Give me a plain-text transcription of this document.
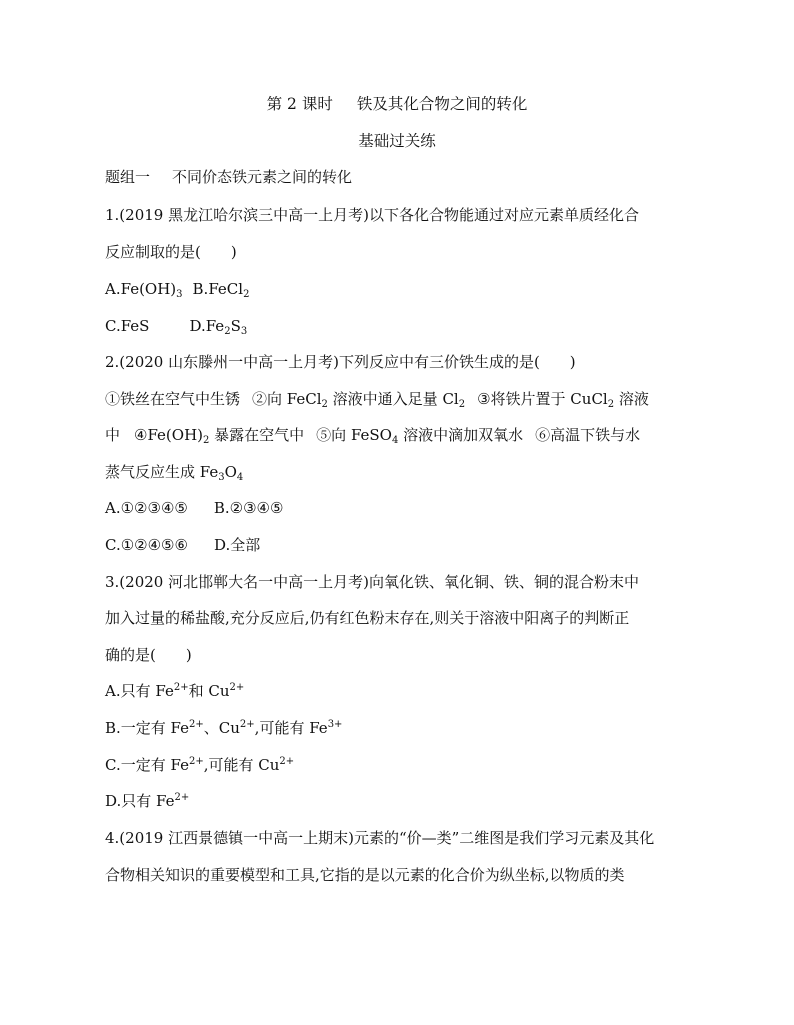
第 2 课时 铁及其化合物之间的转化
基础过关练
题组一 不同价态铁元素之间的转化
1.(2019 黑龙江哈尔滨三中高一上月考)以下各化合物能通过对应元素单质经化合
反应制取的是(　　)
$A.Fe(OH)_3$ B.FeCl$_2$
C.FeS	$D.Fe_2S_3$
2.(2020 山东滕州一中高一上月考)下列反应中有三价铁生成的是(　　)
①铁丝在空气中生锈 ②向 FeCl$_2$ 溶液中通入足量 $Cl_2$ ③将铁片置于 CuCl$_2$ 溶液
中 $④Fe(OH)_2$ 暴露在空气中 ⑤向 FeSO$_4$ 溶液中滴加双氧水 ⑥高温下铁与水
蒸气反应生成 $Fe_3O_4$
A.①②③④⑤ B.②③④⑤
C.①②④⑤⑥ D.全部
3.(2020 河北邯郸大名一中高一上月考)向氧化铁、氧化铜、铁、铜的混合粉末中
加入过量的稀盐酸,充分反应后,仍有红色粉末存在,则关于溶液中阳离子的判断正
确的是(　　)
A.只有 $Fe^{2+}$和 $Cu^{2+}$
B.一定有 $Fe^{2+}$、$Cu^{2+}$,可能有 $Fe^{3+}$
C.一定有 $Fe^{2+}$,可能有 $Cu^{2+}$
D.只有 $Fe^{2+}$
4.(2019 江西景德镇一中高一上期末)元素的“价—类”二维图是我们学习元素及其化
合物相关知识的重要模型和工具,它指的是以元素的化合价为纵坐标,以物质的类
